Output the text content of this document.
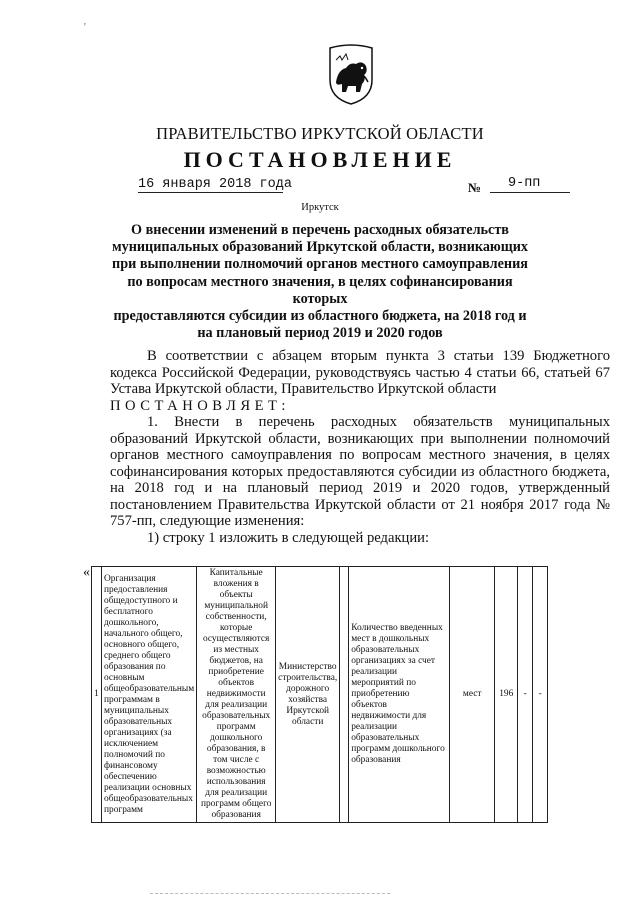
'
ПРАВИТЕЛЬСТВО ИРКУТСКОЙ ОБЛАСТИ
ПОСТАНОВЛЕНИЕ
16 января 2018 года	№	9-пп
Иркутск
О внесении изменений в перечень расходных обязательств
муниципальных образований Иркутской области, возникающих
при выполнении полномочий органов местного самоуправления
по вопросам местного значения, в целях софинансирования которых
предоставляются субсидии из областного бюджета, на 2018 год и
на плановый период 2019 и 2020 годов

В соответствии с абзацем вторым пункта 3 статьи 139 Бюджетного кодекса Российской Федерации, руководствуясь частью 4 статьи 66, статьей 67 Устава Иркутской области, Правительство Иркутской области

ПОСТАНОВЛЯЕТ:

1. Внести в перечень расходных обязательств муниципальных образований Иркутской области, возникающих при выполнении полномочий органов местного самоуправления по вопросам местного значения, в целях софинансирования которых предоставляются субсидии из областного бюджета, на 2018 год и на плановый период 2019 и 2020 годов, утвержденный постановлением Правительства Иркутской области от 21 ноября 2017 года № 757-пп, следующие изменения:

1) строку 1 изложить в следующей редакции:

«	1	Организация предоставления общедоступного и бесплатного дошкольного, начального общего, основного общего, среднего общего образования по основным общеобразовательным программам в муниципальных образовательных организациях (за исключением полномочий по финансовому обеспечению реализации основных общеобразовательных программ	Капитальные вложения в объекты муниципальной собственности, которые осуществляются из местных бюджетов, на приобретение объектов недвижимости для реализации образовательных программ дошкольного образования, в том числе с возможностью использования для реализации программ общего образования	Министерство строительства, дорожного хозяйства Иркутской области		Количество введенных мест в дошкольных образовательных организациях за счет реализации мероприятий по приобретению объектов недвижимости для реализации образовательных программ дошкольного образования	мест	196	-	-
